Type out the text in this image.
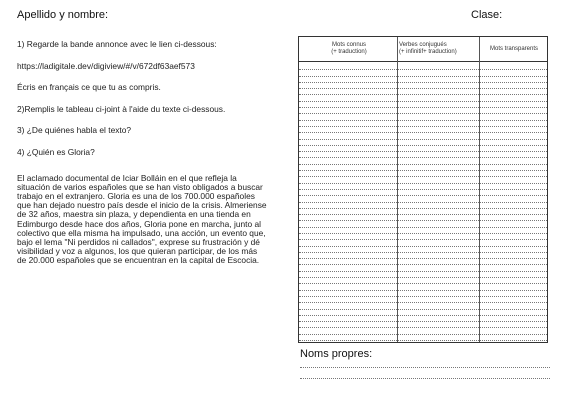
Apellido y nombre:	Clase:
1) Regarde la bande annonce avec le lien ci-dessous:
https://ladigitale.dev/digiview/#/v/672df63aef573
Écris en français ce que tu as compris.
2)Remplis le tableau ci-joint à l'aide du texte ci-dessous.
3) ¿De quiénes habla el texto?
4) ¿Quién es Gloria?
El aclamado documental de Iciar Bolláin en el que refleja la situación de varios españoles que se han visto obligados a buscar trabajo en el extranjero. Gloria es una de los 700.000 españoles que han dejado nuestro país desde el inicio de la crisis. Almeriense de 32 años, maestra sin plaza, y dependienta en una tienda en Edimburgo desde hace dos años, Gloria pone en marcha, junto al colectivo que ella misma ha impulsado, una acción, un evento que, bajo el lema "Ni perdidos ni callados", exprese su frustración y dé visibilidad y voz a algunos, los que quieran participar, de los más de 20.000 españoles que se encuentran en la capital de Escocia.
Mots connus
(+ traduction)
Verbes conjugués
(+ infinitif+ traduction)
Mots transparents
Noms propres:
